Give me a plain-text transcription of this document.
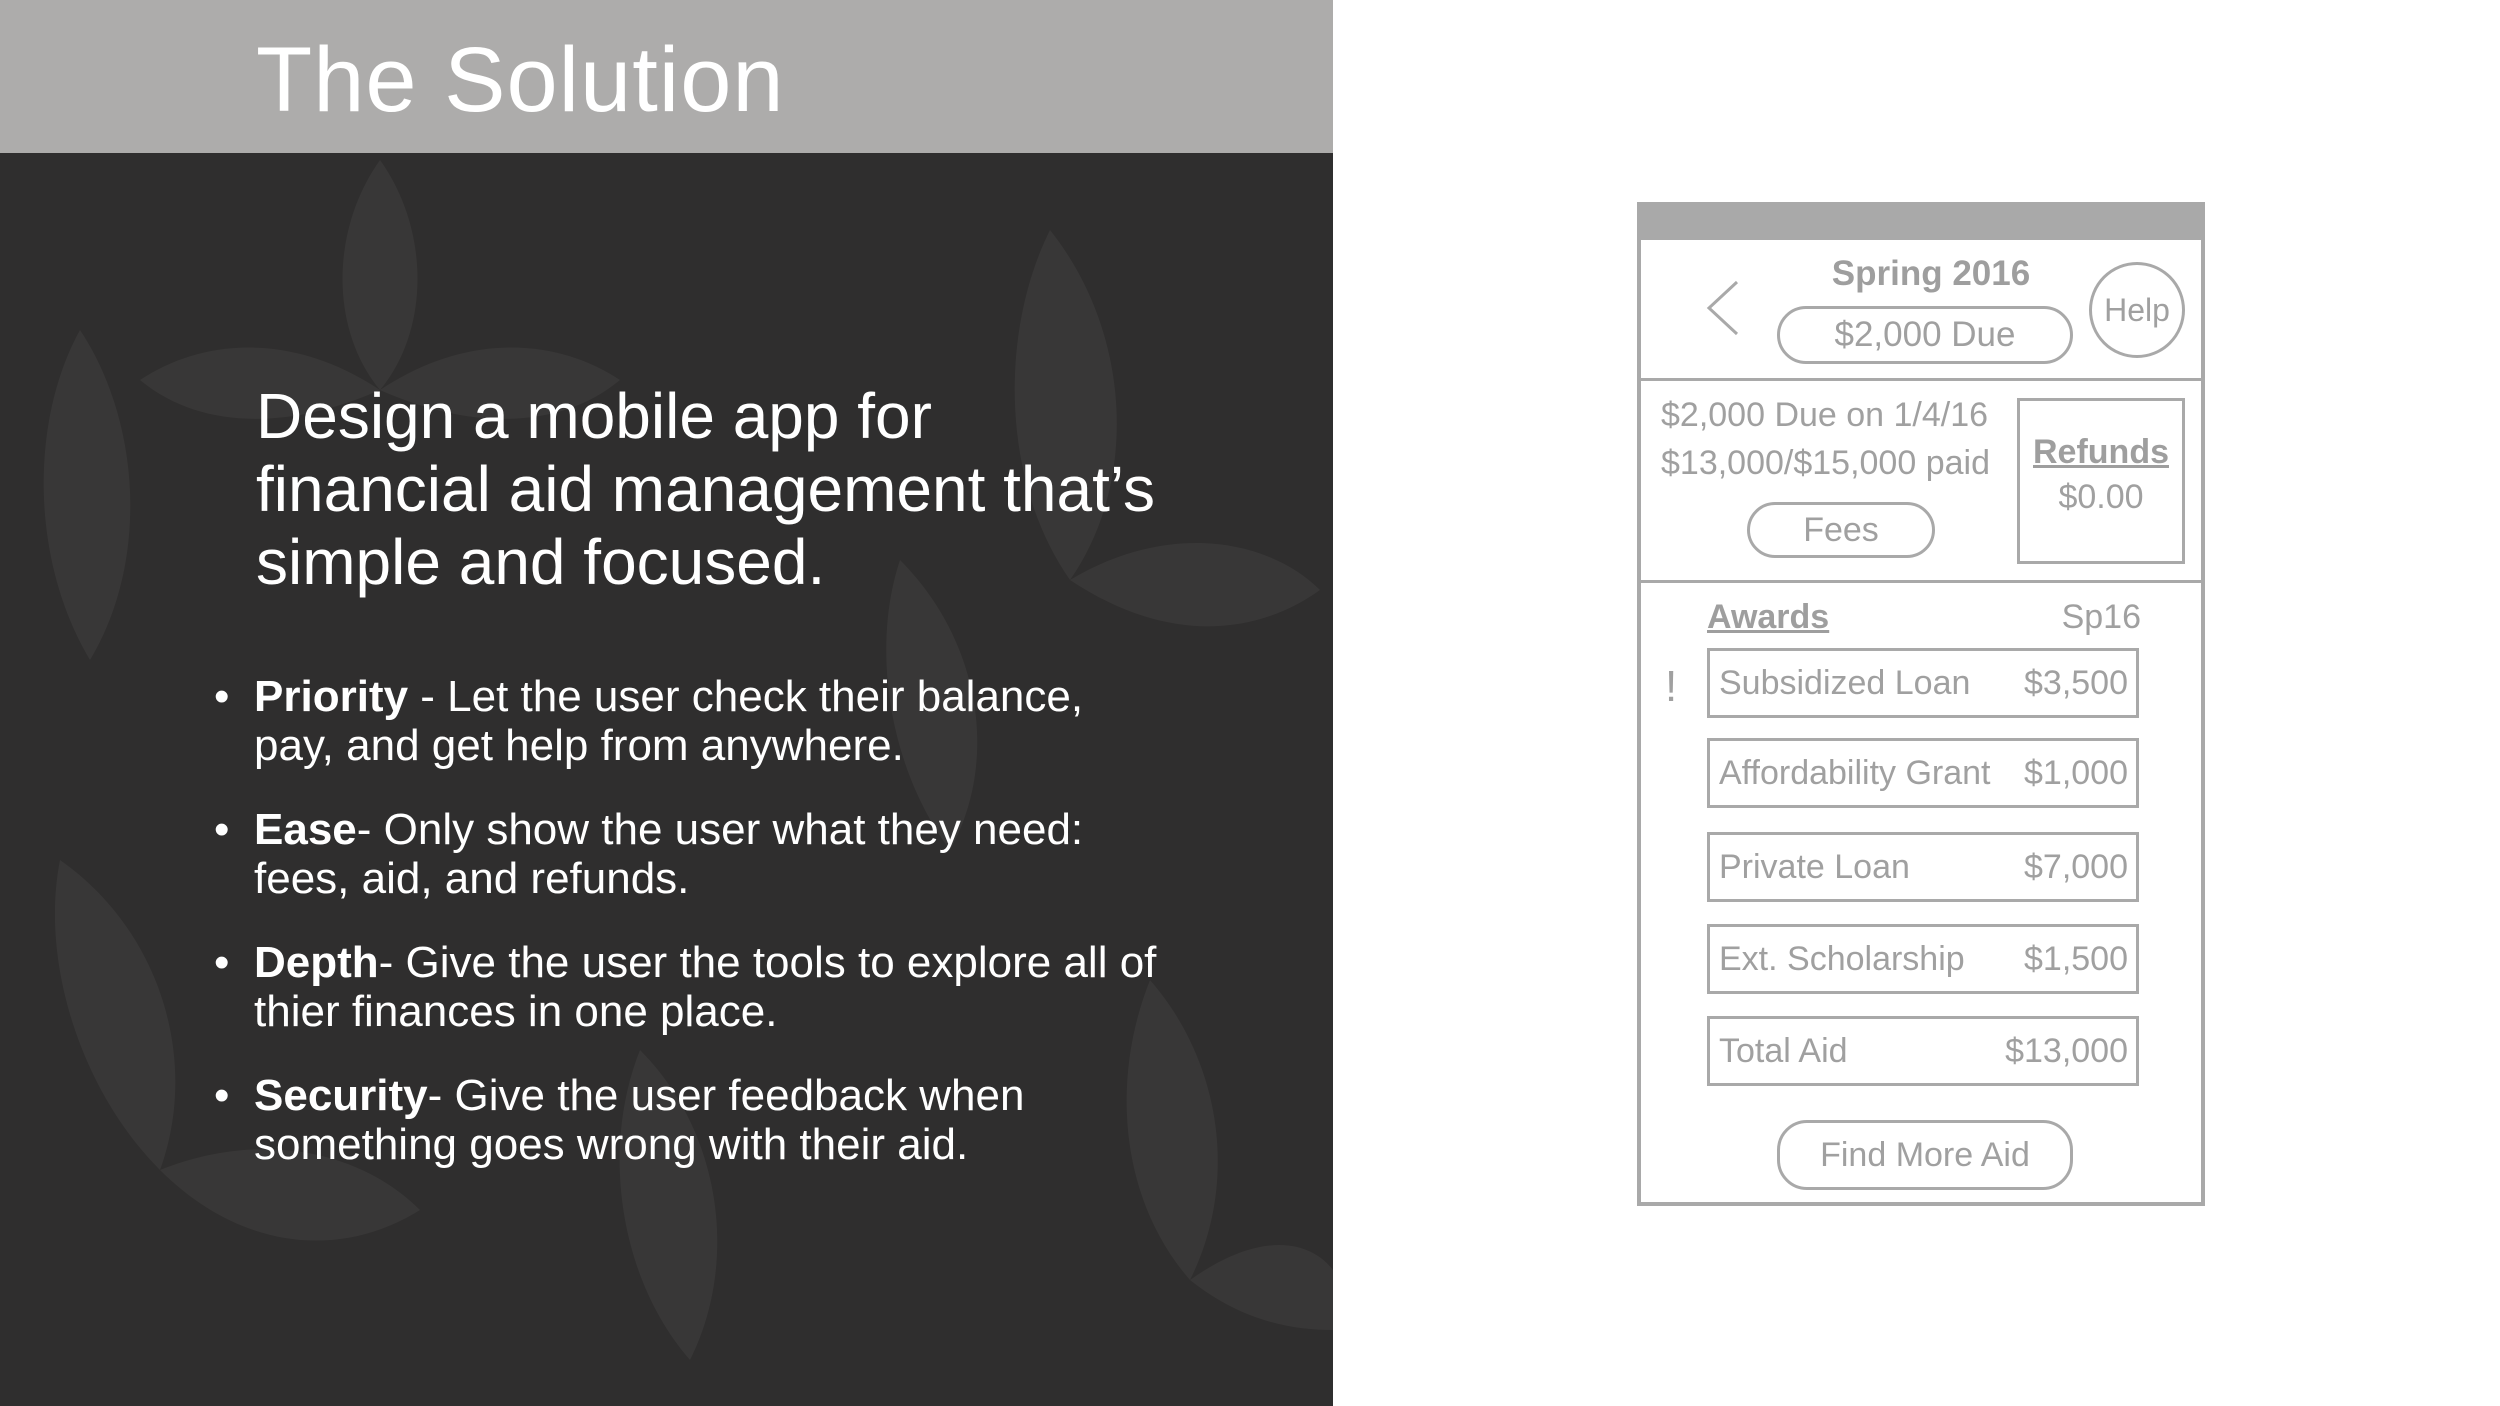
The Solution
Design a mobile app for financial aid management that’s simple and focused.
• Priority - Let the user check their balance, pay, and get help from anywhere.
• Ease- Only show the user what they need: fees, aid, and refunds.
• Depth- Give the user the tools to explore all of thier finances in one place.
• Security- Give the user feedback when something goes wrong with their aid.
Spring 2016
$2,000 Due
Help
$2,000 Due on 1/4/16
$13,000/$15,000 paid
Fees
Refunds
$0.00
Awards	Sp16
! Subsidized Loan $3,500
Affordability Grant $1,000
Private Loan	$7,000
Ext. Scholarship $1,500
Total Aid	$13,000
Find More Aid
